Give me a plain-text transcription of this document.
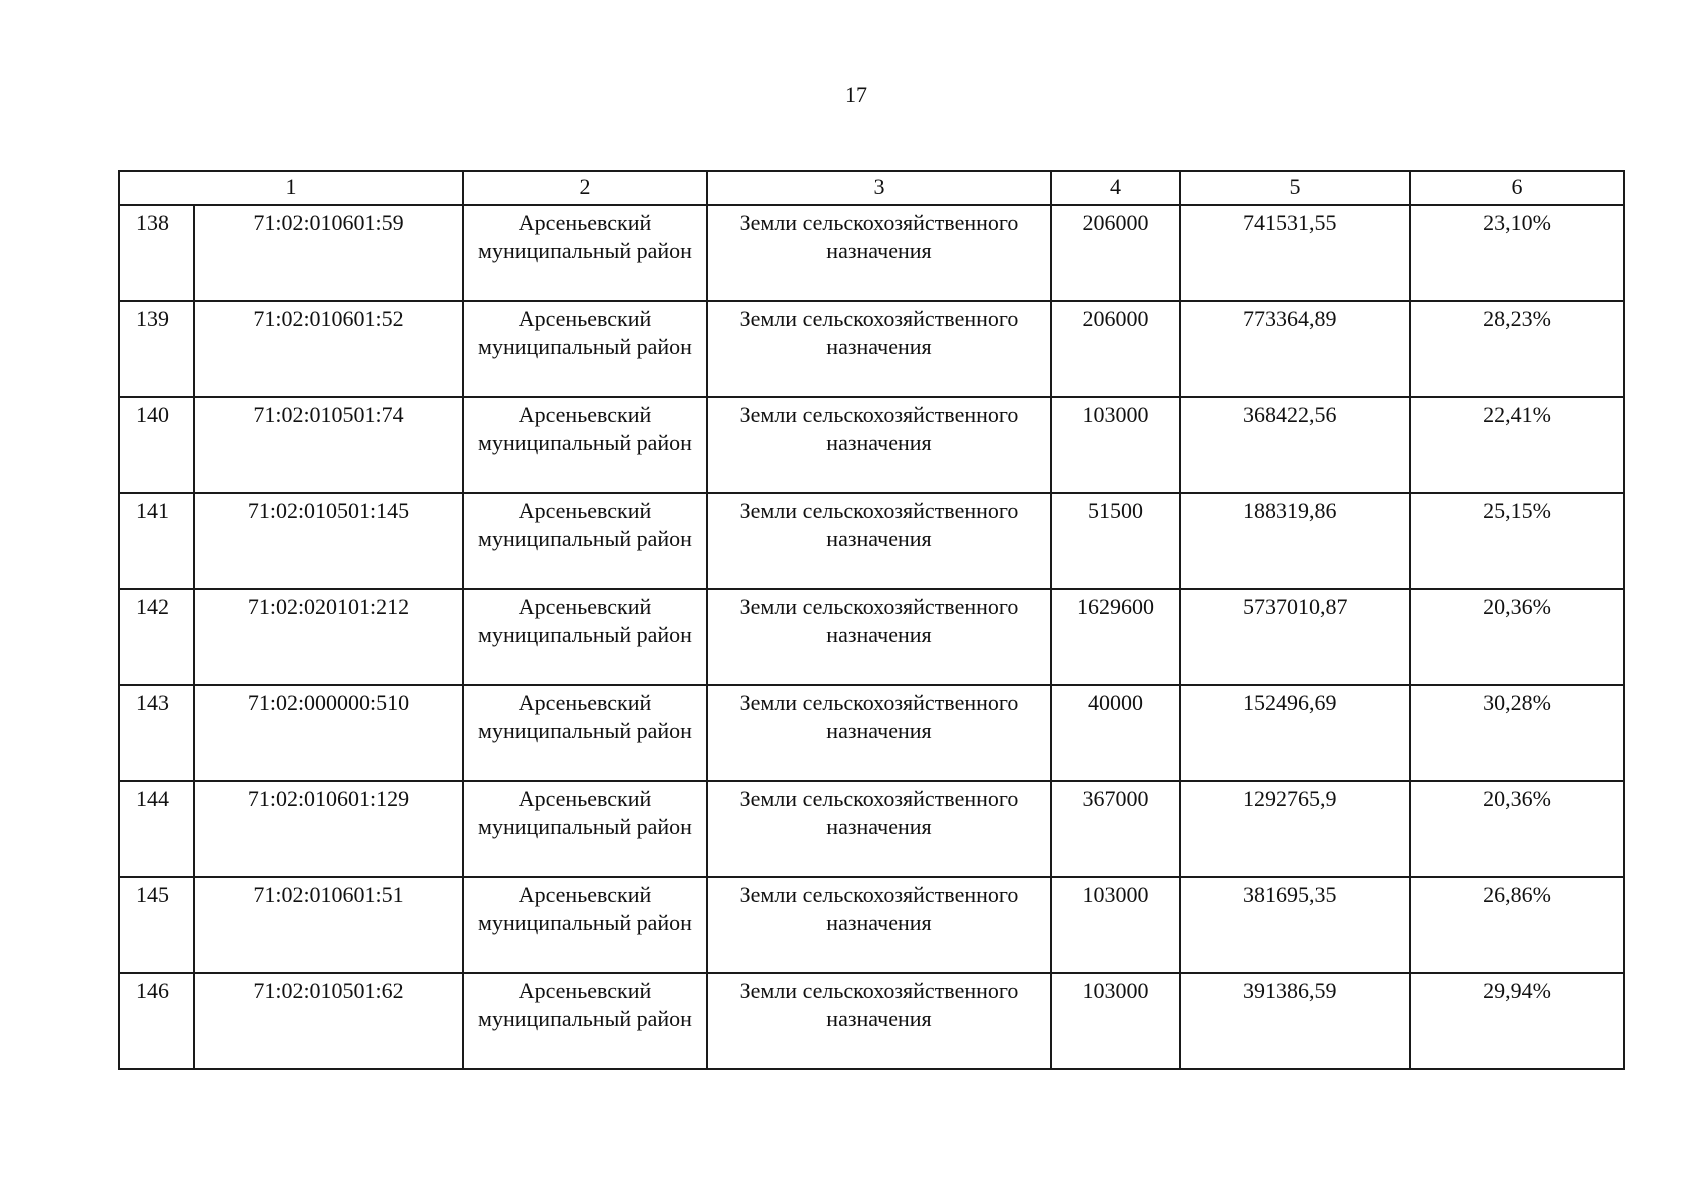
17
1		2	3	4	5	6
138	71:02:010601:59	Арсеньевский муниципальный район	Земли сельскохозяйственного назначения	206000	741531,55	23,10%
139	71:02:010601:52	Арсеньевский муниципальный район	Земли сельскохозяйственного назначения	206000	773364,89	28,23%
140	71:02:010501:74	Арсеньевский муниципальный район	Земли сельскохозяйственного назначения	103000	368422,56	22,41%
141	71:02:010501:145	Арсеньевский муниципальный район	Земли сельскохозяйственного назначения	51500	188319,86	25,15%
142	71:02:020101:212	Арсеньевский муниципальный район	Земли сельскохозяйственного назначения	1629600	5737010,87	20,36%
143	71:02:000000:510	Арсеньевский муниципальный район	Земли сельскохозяйственного назначения	40000	152496,69	30,28%
144	71:02:010601:129	Арсеньевский муниципальный район	Земли сельскохозяйственного назначения	367000	1292765,9	20,36%
145	71:02:010601:51	Арсеньевский муниципальный район	Земли сельскохозяйственного назначения	103000	381695,35	26,86%
146	71:02:010501:62	Арсеньевский муниципальный район	Земли сельскохозяйственного назначения	103000	391386,59	29,94%
